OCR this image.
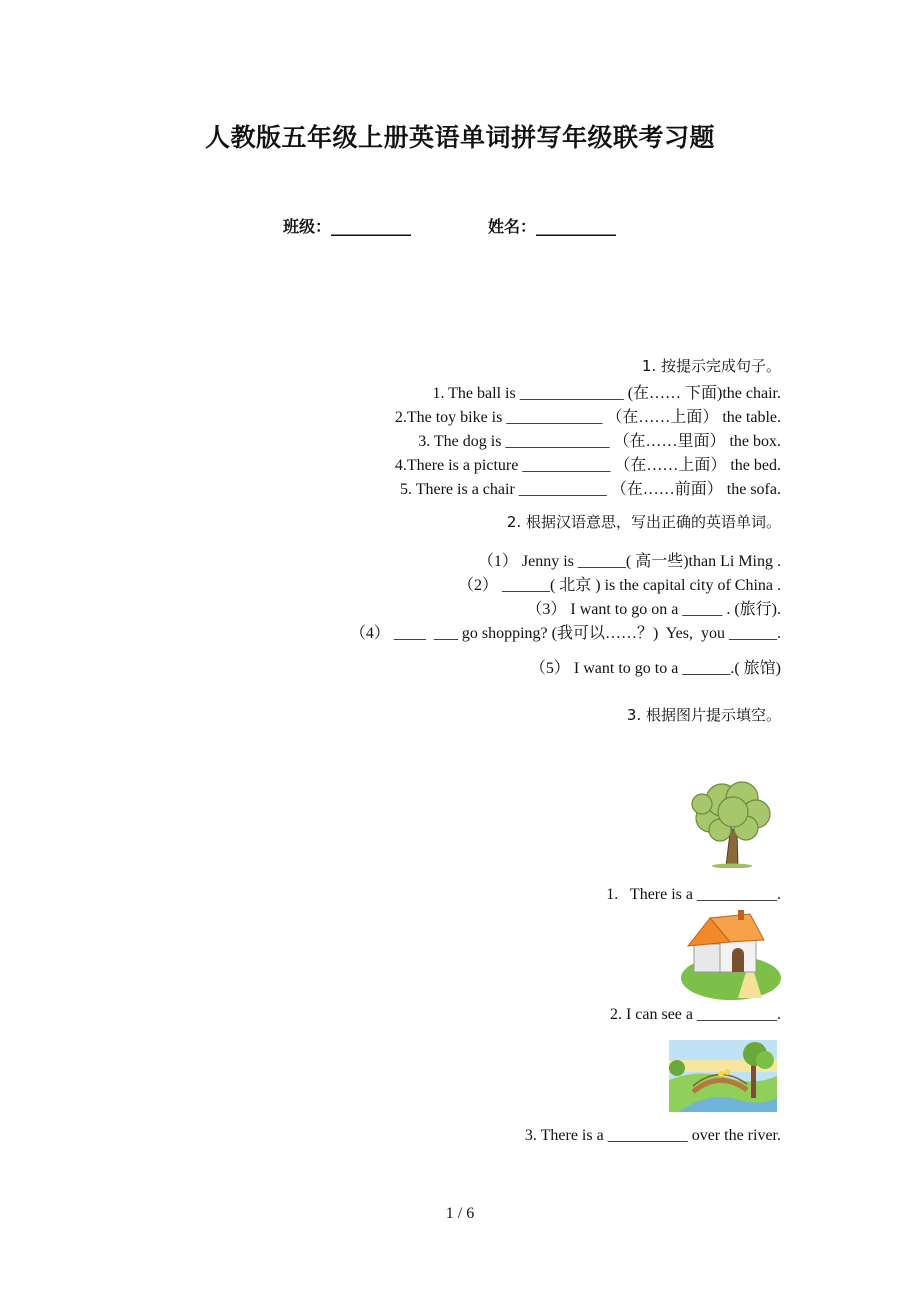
人教版五年级上册英语单词拼写年级联考习题
班级：__________	姓名：__________
1. 按提示完成句子。
1. The ball is _____________ (在…… 下面)the chair.
2.The toy bike is ____________ （在……上面） the table.
3. The dog is _____________ （在……里面） the box.
4.There is a picture ___________ （在……上面） the bed.
5. There is a chair ___________ （在……前面） the sofa.
2. 根据汉语意思，写出正确的英语单词。
（1） Jenny is ______( 高一些)than Li Ming .
（2） ______( 北京 ) is the capital city of China .
（3） I want to go on a _____ . (旅行).
（4） ____  ___ go shopping? (我可以……？)  Yes,  you ______.
（5） I want to go to a ______.( 旅馆)
3. 根据图片提示填空。
1.   There is a __________.
2. I can see a __________.
3. There is a __________ over the river.
1 / 6
